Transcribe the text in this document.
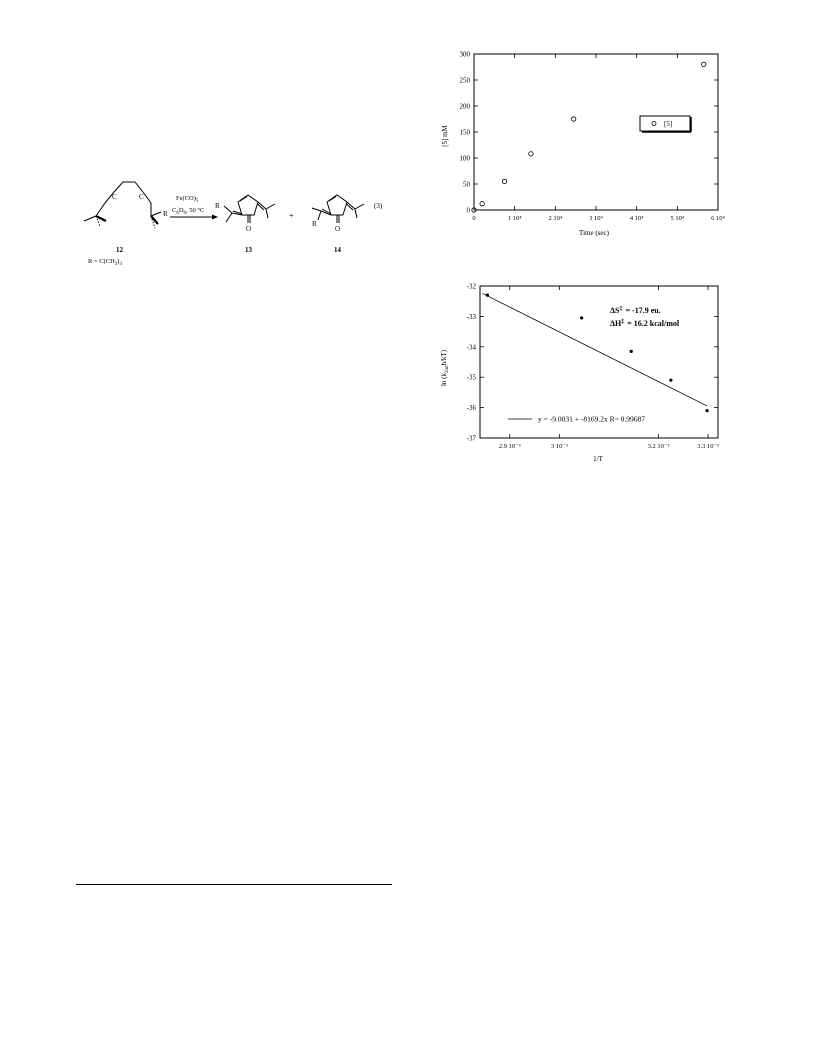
C	C
R
12
$R = C(CH_3)_3$
$Fe(CO)_5$
$C_6D_6$, 50 °C
R
O
13
+
R
O
14
(3)
0
50
100
150
200
250
300
0	1 10⁴	2 10⁴	3 10⁴	4 10⁴	5 10⁴	6 10⁴
Time (sec)
[5] mM
[5]
-32
-33
-34
-35
-36
-37
2.9 10⁻³	3 10⁻³	3.2 10⁻³	3.3 10⁻³
1/T
$\ln (k_{2nd}h/kT)$
ΔS‡ = -17.9 eu.
ΔH‡ = 16.2 kcal/mol
y = -9.0031 + -8169.2x R= 0.99687
